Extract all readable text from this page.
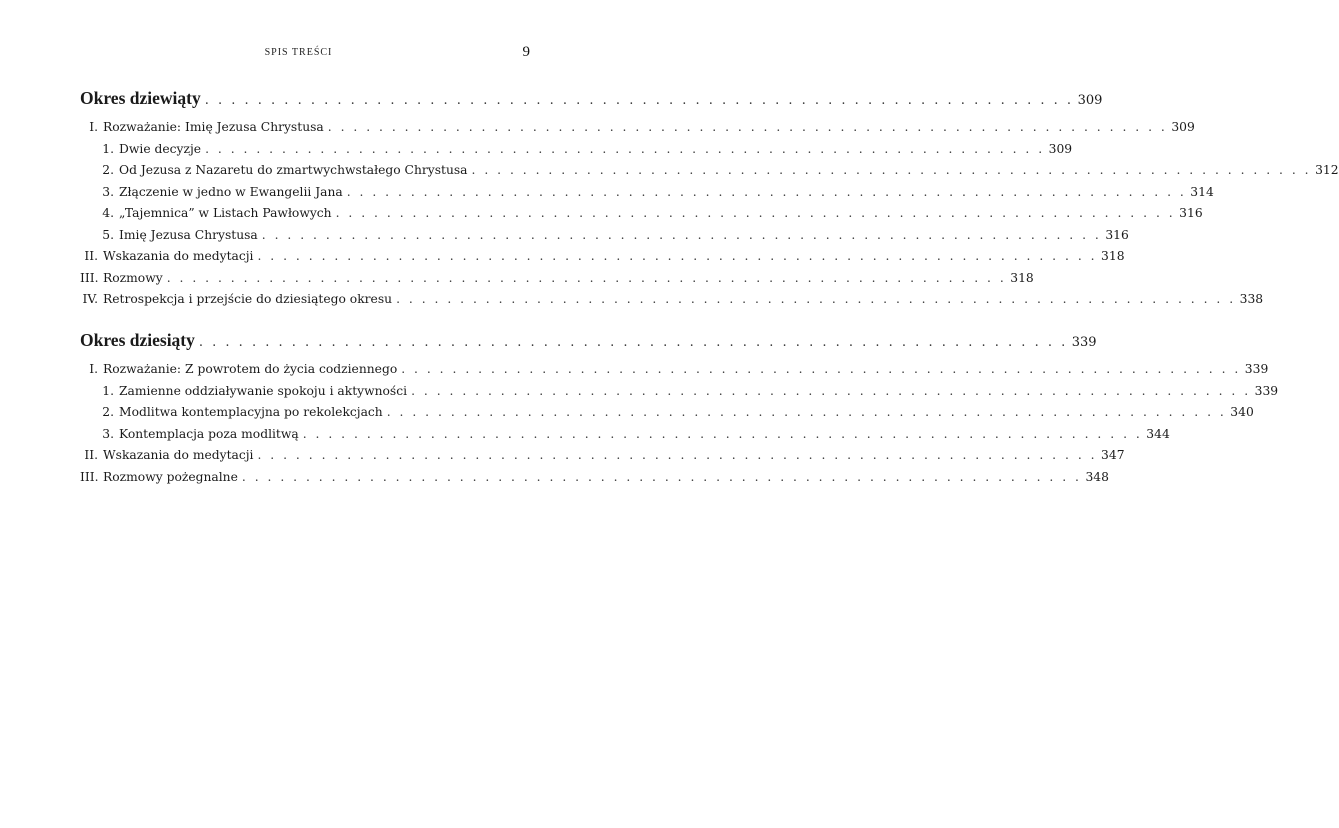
SPIS TREŚCI	9
Okres dziewiąty . . . . . . . . . . . . . . . . . . . . . . . . . . . . . . . . . . . . . . . . . . . . . . . . . . . . . . . . . . . . . . . . . . 309
I. Rozważanie: Imię Jezusa Chrystusa . . . . . . . . . . . . . . . . . . . . . . . . . . . . . . . . . . . . . . . . . . . . . . . . . . . . . . . . . . . . . . . . . . 309
1. Dwie decyzje . . . . . . . . . . . . . . . . . . . . . . . . . . . . . . . . . . . . . . . . . . . . . . . . . . . . . . . . . . . . . . . . . . 309
2. Od Jezusa z Nazaretu do zmartwychwstałego Chrystusa . . . . . . . . . . . . . . . . . . . . . . . . . . . . . . . . . . . . . . . . . . . . . . . . . . . . . . . . . . . . . . . . . . 312
3. Złączenie w jedno w Ewangelii Jana . . . . . . . . . . . . . . . . . . . . . . . . . . . . . . . . . . . . . . . . . . . . . . . . . . . . . . . . . . . . . . . . . . 314
4. „Tajemnica” w Listach Pawłowych . . . . . . . . . . . . . . . . . . . . . . . . . . . . . . . . . . . . . . . . . . . . . . . . . . . . . . . . . . . . . . . . . . 316
5. Imię Jezusa Chrystusa . . . . . . . . . . . . . . . . . . . . . . . . . . . . . . . . . . . . . . . . . . . . . . . . . . . . . . . . . . . . . . . . . . 316
II. Wskazania do medytacji . . . . . . . . . . . . . . . . . . . . . . . . . . . . . . . . . . . . . . . . . . . . . . . . . . . . . . . . . . . . . . . . . . 318
III. Rozmowy . . . . . . . . . . . . . . . . . . . . . . . . . . . . . . . . . . . . . . . . . . . . . . . . . . . . . . . . . . . . . . . . . . 318
IV. Retrospekcja i przejście do dziesiątego okresu . . . . . . . . . . . . . . . . . . . . . . . . . . . . . . . . . . . . . . . . . . . . . . . . . . . . . . . . . . . . . . . . . . 338
Okres dziesiąty . . . . . . . . . . . . . . . . . . . . . . . . . . . . . . . . . . . . . . . . . . . . . . . . . . . . . . . . . . . . . . . . . . 339
I. Rozważanie: Z powrotem do życia codziennego . . . . . . . . . . . . . . . . . . . . . . . . . . . . . . . . . . . . . . . . . . . . . . . . . . . . . . . . . . . . . . . . . . 339
1. Zamienne oddziaływanie spokoju i aktywności . . . . . . . . . . . . . . . . . . . . . . . . . . . . . . . . . . . . . . . . . . . . . . . . . . . . . . . . . . . . . . . . . . 339
2. Modlitwa kontemplacyjna po rekolekcjach . . . . . . . . . . . . . . . . . . . . . . . . . . . . . . . . . . . . . . . . . . . . . . . . . . . . . . . . . . . . . . . . . . 340
3. Kontemplacja poza modlitwą . . . . . . . . . . . . . . . . . . . . . . . . . . . . . . . . . . . . . . . . . . . . . . . . . . . . . . . . . . . . . . . . . . 344
II. Wskazania do medytacji . . . . . . . . . . . . . . . . . . . . . . . . . . . . . . . . . . . . . . . . . . . . . . . . . . . . . . . . . . . . . . . . . . 347
III. Rozmowy pożegnalne . . . . . . . . . . . . . . . . . . . . . . . . . . . . . . . . . . . . . . . . . . . . . . . . . . . . . . . . . . . . . . . . . . 348
